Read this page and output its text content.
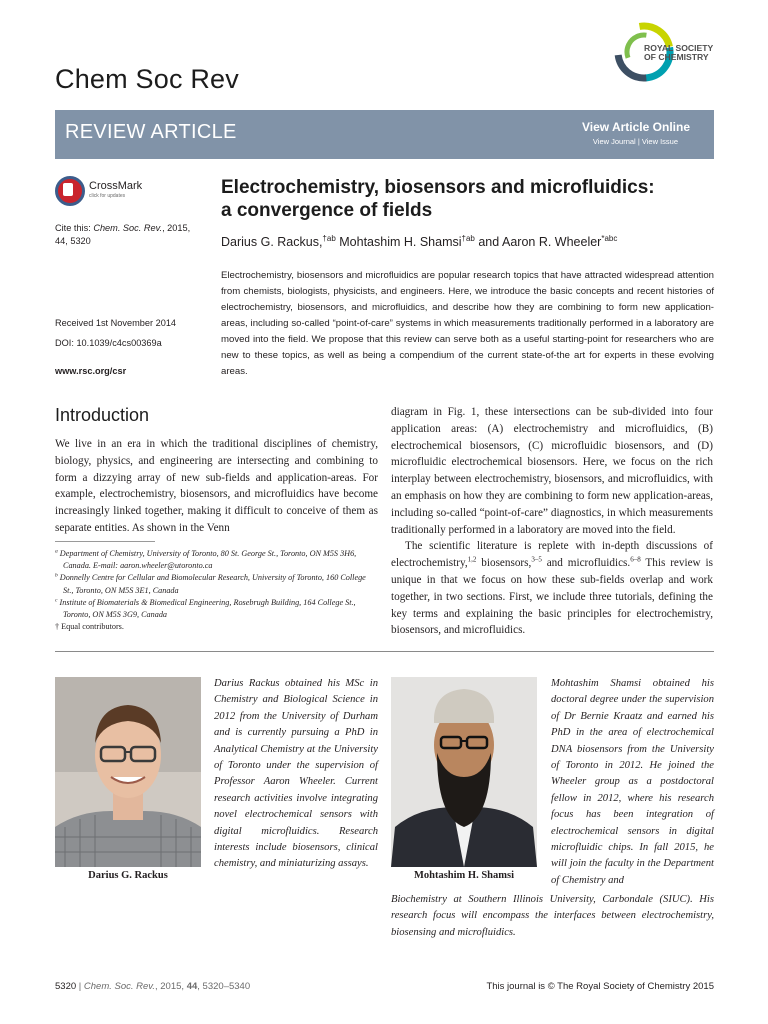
Chem Soc Rev
ROYAL SOCIETY
OF CHEMISTRY
REVIEW ARTICLE	View Article Online
View Journal | View Issue
CrossMark
click for updates
Cite this: Chem. Soc. Rev., 2015,
44, 5320
Received 1st November 2014
DOI: 10.1039/c4cs00369a
www.rsc.org/csr
Electrochemistry, biosensors and microfluidics:
a convergence of fields
Darius G. Rackus,$^{\dagger ab}$ Mohtashim H. Shamsi$^{\dagger ab}$ and Aaron R. Wheeler$^{*abc}$
Electrochemistry, biosensors and microfluidics are popular research topics that have attracted widespread attention from chemists, biologists, physicists, and engineers. Here, we introduce the basic concepts and recent histories of electrochemistry, biosensors, and microfluidics, and describe how they are combining to form new application-areas, including so-called “point-of-care” systems in which measurements traditionally performed in a laboratory are moved into the field. We propose that this review can serve both as a useful starting-point for researchers who are new to these topics, as well as being a compendium of the current state-of-the art for experts in these evolving areas.
Introduction
We live in an era in which the traditional disciplines of chemistry, biology, physics, and engineering are intersecting and combining to form a dizzying array of new sub-fields and application-areas. For example, electrochemistry, biosensors, and microfluidics have become increasingly linked together, making it difficult to conceive of them as separate entities. As shown in the Venn

diagram in Fig. 1, these intersections can be sub-divided into four application areas: (A) electrochemistry and microfluidics, (B) electrochemical biosensors, (C) microfluidic biosensors, and (D) microfluidic electrochemical biosensors. Here, we focus on the rich interplay between electrochemistry, biosensors, and microfluidics, with an emphasis on how they are combining to form new application-areas, including so-called “point-of-care” diagnostics, in which measurements traditionally performed in a laboratory are moved into the field.

The scientific literature is replete with in-depth discussions of electrochemistry,$^{1,2}$ biosensors,$^{3-5}$ and microfluidics.$^{6-8}$ This review is unique in that we focus on how these sub-fields overlap and work together, in two sections. First, we include three tutorials, defining the key terms and explaining the basic principles for electrochemistry, biosensors, and microfluidics.

$^a$ Department of Chemistry, University of Toronto, 80 St. George St., Toronto, ON M5S 3H6, Canada. E-mail: aaron.wheeler@utoronto.ca
$^b$ Donnelly Centre for Cellular and Biomolecular Research, University of Toronto, 160 College St., Toronto, ON M5S 3E1, Canada
$^c$ Institute of Biomaterials & Biomedical Engineering, Rosebrugh Building, 164 College St., Toronto, ON M5S 3G9, Canada
† Equal contributors.
Darius G. Rackus
Darius Rackus obtained his MSc in Chemistry and Biological Science in 2012 from the University of Durham and is currently pursuing a PhD in Analytical Chemistry at the University of Toronto under the supervision of Professor Aaron Wheeler. Current research activities involve integrating novel electrochemical sensors with digital microfluidics. Research interests include biosensors, clinical chemistry, and miniaturizing assays.
Mohtashim H. Shamsi
Mohtashim Shamsi obtained his doctoral degree under the supervision of Dr Bernie Kraatz and earned his PhD in the area of electrochemical DNA biosensors from the University of Toronto in 2012. He joined the Wheeler group as a postdoctoral fellow in 2012, where his research focus has been integration of electrochemical sensors in digital microfluidic chips. In fall 2015, he will join the faculty in the Department of Chemistry and
Biochemistry at Southern Illinois University, Carbondale (SIUC). His research focus will encompass the interfaces between electrochemistry, biosensing and microfluidics.
5320 | Chem. Soc. Rev., 2015, 44, 5320–5340	This journal is © The Royal Society of Chemistry 2015
